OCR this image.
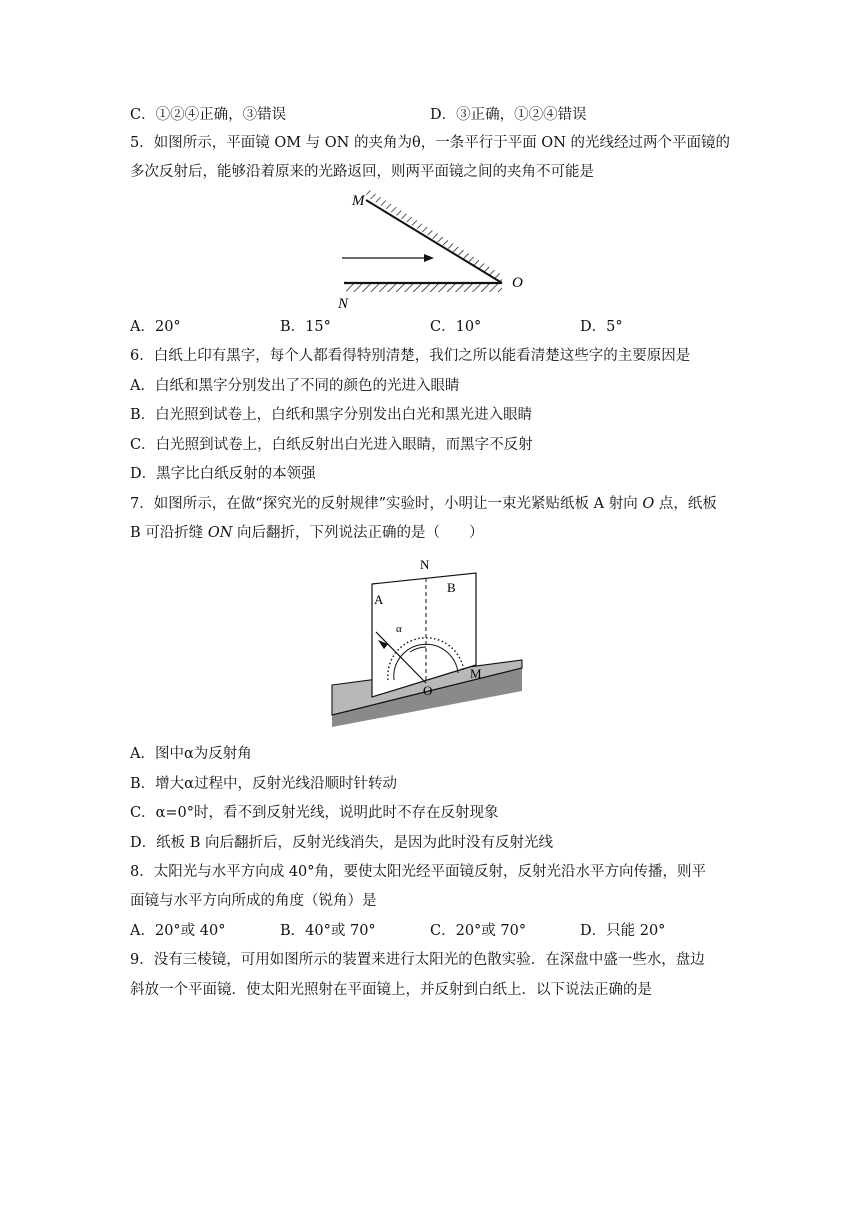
C．①②④正确，③错误	D．③正确，①②④错误
5．如图所示，平面镜 OM 与 ON 的夹角为θ，一条平行于平面 ON 的光线经过两个平面镜的
多次反射后，能够沿着原来的光路返回，则两平面镜之间的夹角不可能是
M
N
O
A．20°	B．15°	C．10°	D．5°
6．白纸上印有黑字，每个人都看得特别清楚，我们之所以能看清楚这些字的主要原因是
A．白纸和黑字分别发出了不同的颜色的光进入眼睛
B．白光照到试卷上，白纸和黑字分别发出白光和黑光进入眼睛
C．白光照到试卷上，白纸反射出白光进入眼睛，而黑字不反射
D．黑字比白纸反射的本领强
7．如图所示，在做“探究光的反射规律”实验时，小明让一束光紧贴纸板 A 射向 O 点，纸板
B 可沿折缝 ON 向后翻折，下列说法正确的是（　　）
N
A
B
α
O
M
A．图中α为反射角
B．增大α过程中，反射光线沿顺时针转动
C．α=0°时，看不到反射光线，说明此时不存在反射现象
D．纸板 B 向后翻折后，反射光线消失，是因为此时没有反射光线
8．太阳光与水平方向成 40°角，要使太阳光经平面镜反射，反射光沿水平方向传播，则平
面镜与水平方向所成的角度（锐角）是
A．20°或 40°	B．40°或 70°	C．20°或 70°	D．只能 20°
9．没有三棱镜，可用如图所示的装置来进行太阳光的色散实验．在深盘中盛一些水，盘边
斜放一个平面镜．使太阳光照射在平面镜上，并反射到白纸上．以下说法正确的是
